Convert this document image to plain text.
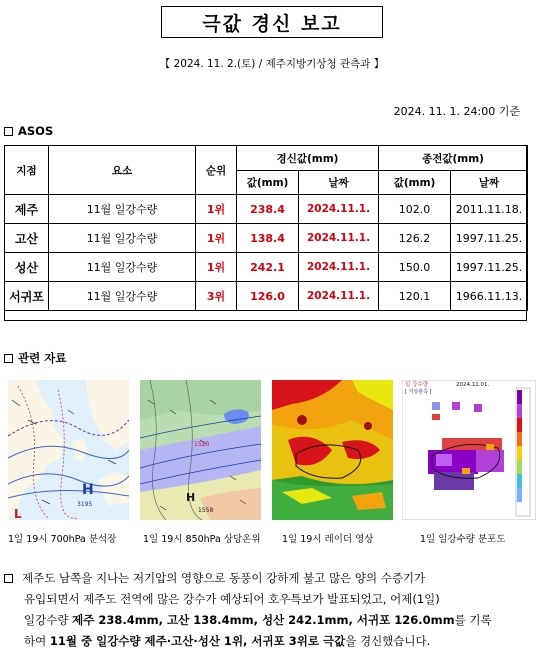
극값 경신 보고
【 2024. 11. 2.(토) / 제주지방기상청 관측과 】
2024. 11. 1. 24:00 기준
ASOS
지점	요소	순위	경신값(mm)		종전값(mm)	
			값(mm)	날짜	값(mm)	날짜
제주	11월 일강수량	1위	238.4	2024.11.1.	102.0	2011.11.18.
고산	11월 일강수량	1위	138.4	2024.11.1.	126.2	1997.11.25.
성산	11월 일강수량	1위	242.1	2024.11.1.	150.0	1997.11.25.
서귀포	11월 일강수량	3위	126.0	2024.11.1.	120.1	1966.11.13.
관련 자료
H
3195
L
H
1558
1520
일 강수량
[ 지상관측 ]
2024.11.01.
1일 19시 700hPa 분석장	1일 19시 850hPa 상당온위 1일 19시 레이더 영상	1일 일강수량 분포도
제주도 남쪽을 지나는 저기압의 영향으로 동풍이 강하게 불고 많은 양의 수증기가
유입되면서 제주도 전역에 많은 강수가 예상되어 호우특보가 발표되었고, 어제(1일)
일강수량 제주 238.4mm, 고산 138.4mm, 성산 242.1mm, 서귀포 126.0mm를 기록
하여 11월 중 일강수량 제주·고산·성산 1위, 서귀포 3위로 극값을 경신했습니다.
